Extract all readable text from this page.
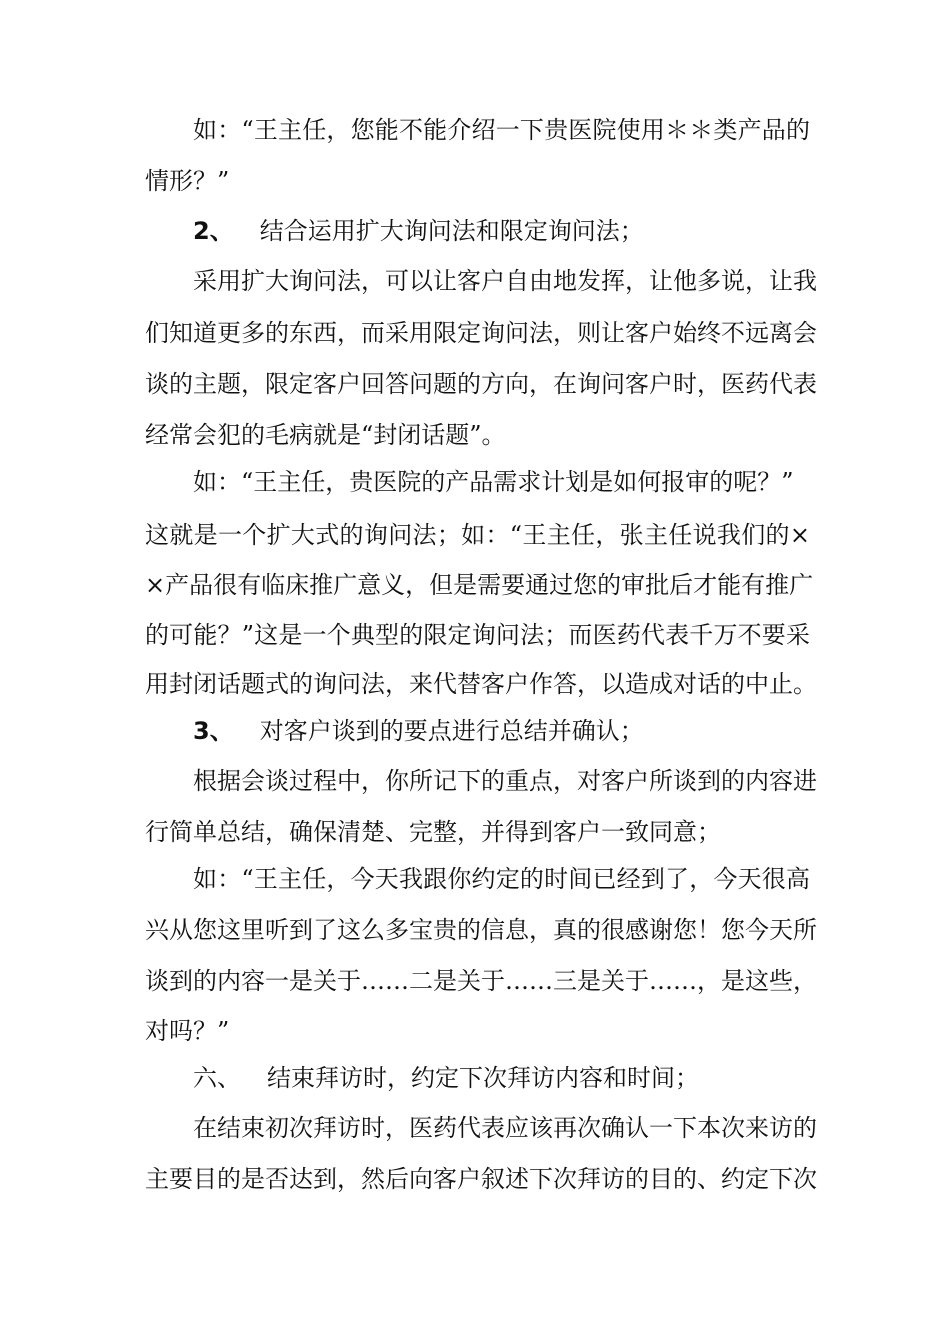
如：“王主任，您能不能介绍一下贵医院使用＊＊类产品的
情形？”
2、 结合运用扩大询问法和限定询问法；
采用扩大询问法，可以让客户自由地发挥，让他多说，让我
们知道更多的东西，而采用限定询问法，则让客户始终不远离会
谈的主题，限定客户回答问题的方向，在询问客户时，医药代表
经常会犯的毛病就是“封闭话题”。
如：“王主任，贵医院的产品需求计划是如何报审的呢？”
这就是一个扩大式的询问法；如：“王主任，张主任说我们的×
×产品很有临床推广意义，但是需要通过您的审批后才能有推广
的可能？”这是一个典型的限定询问法；而医药代表千万不要采
用封闭话题式的询问法，来代替客户作答，以造成对话的中止。
3、 对客户谈到的要点进行总结并确认；
根据会谈过程中，你所记下的重点，对客户所谈到的内容进
行简单总结，确保清楚、完整，并得到客户一致同意；
如：“王主任，今天我跟你约定的时间已经到了，今天很高
兴从您这里听到了这么多宝贵的信息，真的很感谢您！您今天所
谈到的内容一是关于……二是关于……三是关于……，是这些，
对吗？”
六、 结束拜访时，约定下次拜访内容和时间；
在结束初次拜访时，医药代表应该再次确认一下本次来访的
主要目的是否达到，然后向客户叙述下次拜访的目的、约定下次
